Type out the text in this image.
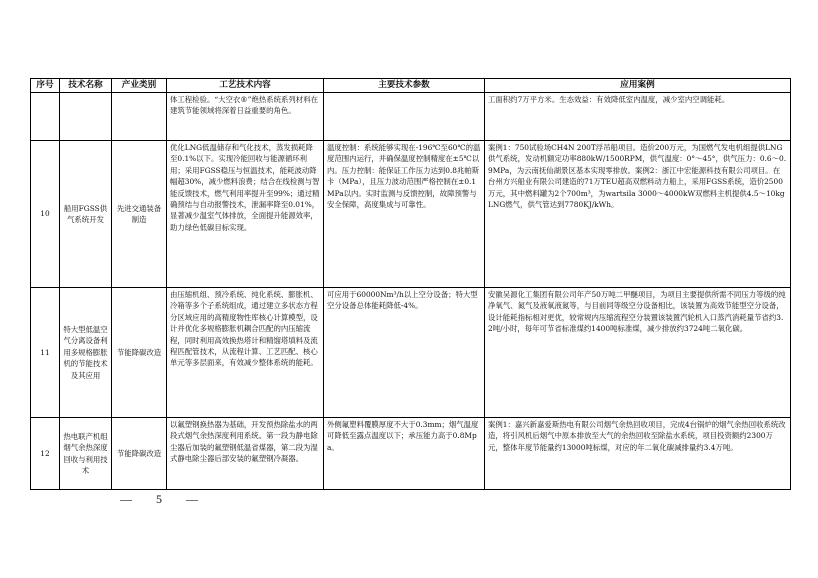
序号	技术名称	产业类别	工艺技术内容	主要技术参数	应用案例
			体工程检验。“大空衣®”绝热系统系列材料在建筑节能领域将深着日益重要的角色。		工面积约7万平方米。生态效益：有效降低室内温度，减少室内空调能耗。
10	船用FGSS供气系统开发	先进交通装备制造	优化LNG低温储存和气化技术，蒸发损耗降至0.1%以下。实现冷能回收与能源循环利用；采用FGSS稳压与恒温技术，能耗波动降幅超30%，减少燃料浪费；结合在线检测与智能反馈技术，燃气利用率提升至99%；通过精确预结与自动报警技术，泄漏率降至0.01%，显著减少温室气体排放，全面提升能源效率，助力绿色低碳目标实现。	温度控制：系统能够实现在-196℃至60℃的温度范围内运行，并确保温度控制精度在±5℃以内。压力控制：能保证工作压力达到0.8兆帕斯卡（MPa），且压力波动范围严格控制在±0.1MPa以内。实时监测与反馈控制，故障预警与安全保障，高度集成与可靠性。	案例1：750试验场CH4N 200T浮吊船项目。造价200万元，为国燃气发电机组提供LNG供气系统，发动机额定功率880kW/1500RPM，供气温度：0°～45°，供气压力：0.6～0.9MPa，为云南抚仙湖景区基本实现零排放。案例2：浙江中宏能源科技有限公司项目。在台州方兴船业有限公司建造的71万TEU超高双燃料动力船上，采用FGSS系统，造价2500万元，其中燃料罐为2个700m³，为wartsila 3000～4000kW双燃料主机提供4.5～10kgLNG燃气，供气管达到7780KJ/kWh。
11	特大型低温空气分离设备利用多规格膨胀机的节能技术及其应用	节能降碳改造	由压缩机组、预冷系统、纯化系统、膨胀机、冷箱等多个子系统组成，通过建立多状态方程分区域应用的高精度物性库核心计算模型，设计并优化多规格膨胀机耦合匹配的内压缩流程，同时利用高效换热塔计和精馏塔填料及流程匹配管技术，从流程计算、工艺匹配、核心单元等多层面来，有效减少整体系统的能耗。	可应用于60000Nm³/h以上空分设备；特大型空分设备总体能耗降低-4%。	安徽吴源化工集团有限公司年产50万吨二甲醚项目，为项目主要提供所需不同压力等级的纯净氧气、氮气及液氧液氮等，与目前同等级空分设备相比，该装置为高效节能型空分设备，设计能耗指标相对更优，较常规内压缩流程空分装置该装置汽轮机入口蒸汽消耗量节省约3.2吨/小时，每年可节省标准煤约1400吨标准煤，减少排放约3724吨二氧化碳。
12	热电联产机组烟气余热深度回收与利用技术	节能降碳改造	以氟塑钢换热器为基础，开发预热除盐水的两段式烟气余热深度利用系统。第一段为静电除尘器后加装的氟塑钢低温省煤器，第二段为湿式静电除尘器后部安装的氟塑钢冷凝器。	外侧氟塑料覆膜厚度不大于0.3mm；烟气温度可降低至露点温度以下；承压能力高于0.8Mpa。	案例1：嘉兴新嘉爱斯热电有限公司烟气余热回收项目，完成4台锅炉的烟气余热回收系统改造，将引风机后烟气中原本排放至大气的余热回收至除盐水系统，项目投资额约2300万元，整体年度节能量约13000吨标煤，对应的年二氧化碳减排量约3.4万吨。
— 5 —
